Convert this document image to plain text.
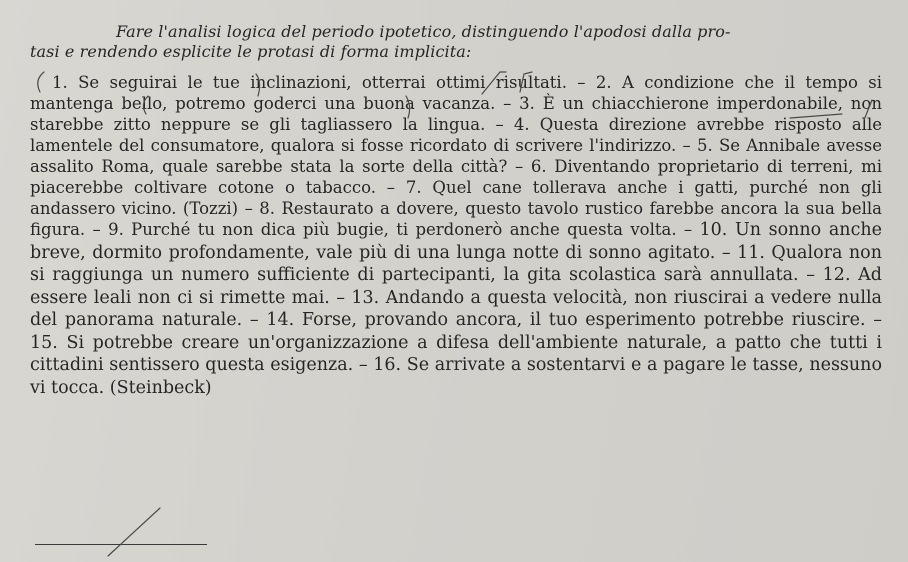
Fare l'analisi logica del periodo ipotetico, distinguendo l'apodosi dalla pro-
tasi e rendendo esplicite le protasi di forma implicita:
1. Se seguirai le tue inclinazioni, otterrai ottimi risultati. – 2. A condizione che il tempo si mantenga bello, potremo goderci una buona vacanza. – 3. È un chiacchierone imperdonabile, non starebbe zitto neppure se gli tagliassero la lingua. – 4. Questa direzione avrebbe risposto alle lamentele del consumatore, qualora si fosse ricordato di scrivere l'indirizzo. – 5. Se Annibale avesse assalito Roma, quale sarebbe stata la sorte della città? – 6. Diventando proprietario di terreni, mi piacerebbe coltivare cotone o tabacco. – 7. Quel cane tollerava anche i gatti, purché non gli andassero vicino. (Tozzi) – 8. Restaurato a dovere, questo tavolo rustico farebbe ancora la sua bella figura. – 9. Purché tu non dica più bugie, ti perdonerò anche questa volta. – 10. Un sonno anche breve, dormito profondamente, vale più di una lunga notte di sonno agitato. – 11. Qualora non si raggiunga un numero sufficiente di partecipanti, la gita scolastica sarà annullata. – 12. Ad essere leali non ci si rimette mai. – 13. Andando a questa velocità, non riuscirai a vedere nulla del panorama naturale. – 14. Forse, provando ancora, il tuo esperimento potrebbe riuscire. – 15. Si potrebbe creare un'organizzazione a difesa dell'ambiente naturale, a patto che tutti i cittadini sentissero questa esigenza. – 16. Se arrivate a sostentarvi e a pagare le tasse, nessuno vi tocca. (Steinbeck)
